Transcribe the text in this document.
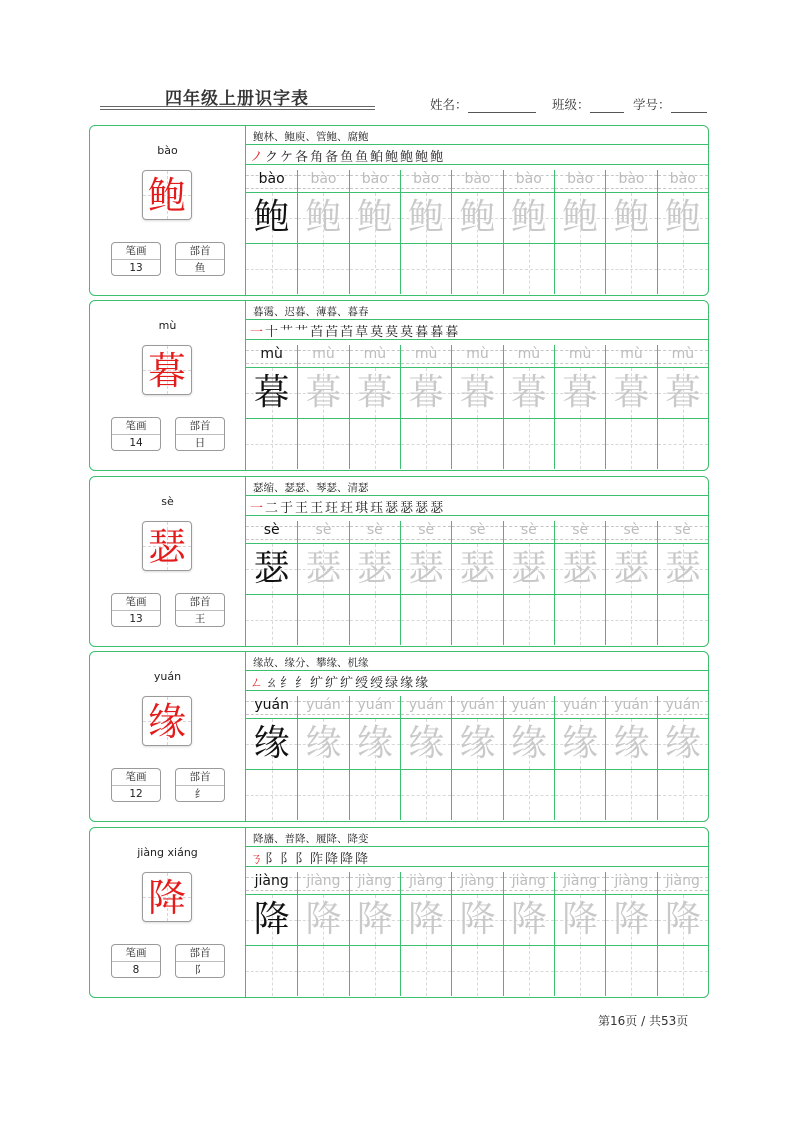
四年级上册识字表	姓名：	班级：	学号：
bào
鲍
笔画
13
部首
鱼
鲍林、鲍庾、管鲍、腐鲍
ノ ク ケ 各 角 备 鱼 鱼 鲌 鲍 鲍 鲍 鲍
bào
鲍
bào
鲍
bào
鲍
bào
鲍
bào
鲍
bào
鲍
bào
鲍
bào
鲍
bào
鲍
mù
暮
笔画
14
部首
日
暮霭、迟暮、薄暮、暮春
一 十 艹 艹 苩 苩 苩 草 莫 莫 莫 暮 暮 暮
mù
暮
mù
暮
mù
暮
mù
暮
mù
暮
mù
暮
mù
暮
mù
暮
mù
暮
sè
瑟
笔画
13
部首
王
瑟缩、瑟瑟、琴瑟、清瑟
一 二 于 王 王 玨 玨 琪 珏 瑟 瑟 瑟 瑟
sè
瑟
sè
瑟
sè
瑟
sè
瑟
sè
瑟
sè
瑟
sè
瑟
sè
瑟
sè
瑟
yuán
缘
笔画
12
部首
纟
缘故、缘分、攀缘、机缘
ㄥ ㄠ 纟 纟 纩 纩 纩 绶 绶 绿 缘 缘
yuán
缘
yuán
缘
yuán
缘
yuán
缘
yuán
缘
yuán
缘
yuán
缘
yuán
缘
yuán
缘
jiàng xiáng
降
笔画
8
部首
阝
降旛、普降、履降、降变
ㄋ 阝 阝 阝 阼 降 降 降
jiàng
降
jiàng
降
jiàng
降
jiàng
降
jiàng
降
jiàng
降
jiàng
降
jiàng
降
jiàng
降
第16页 / 共53页
